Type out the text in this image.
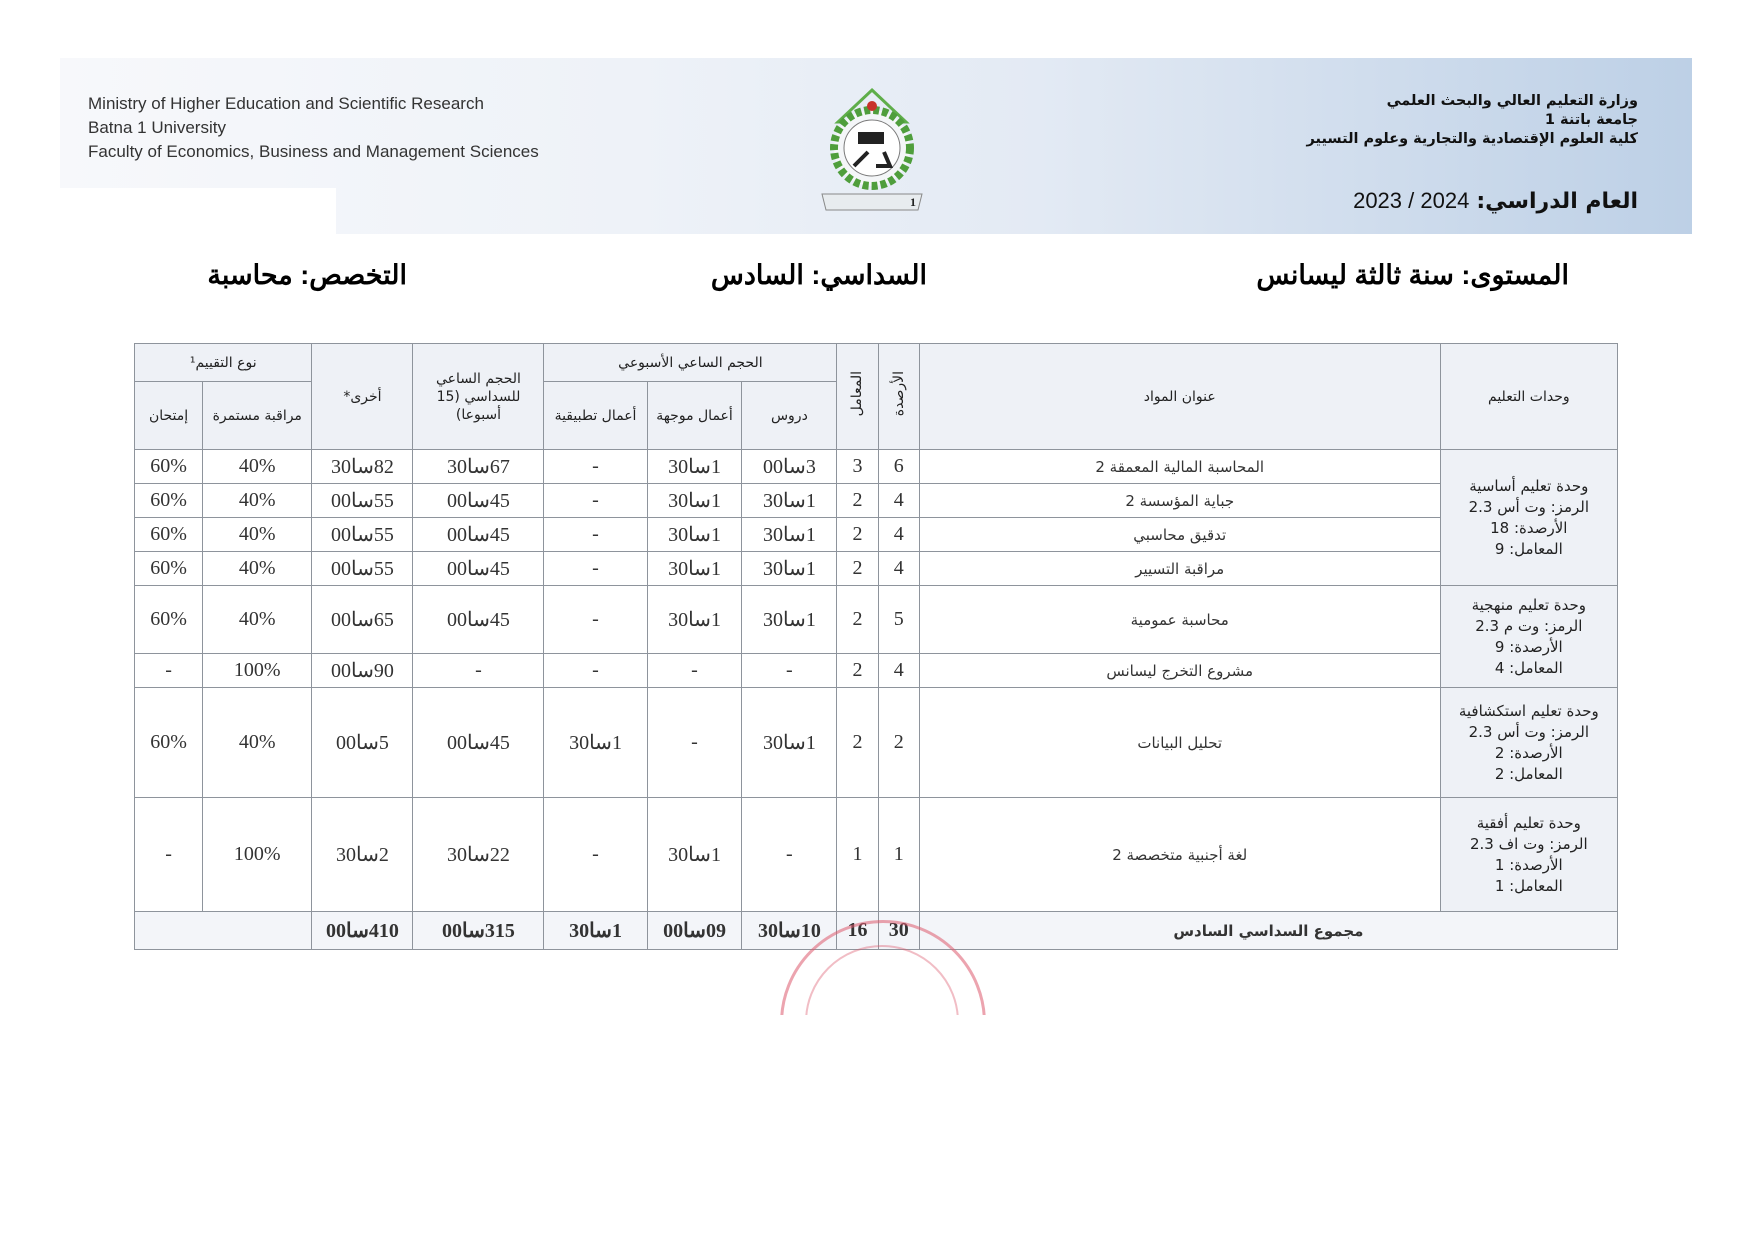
Ministry of Higher Education and Scientific Research
Batna 1 University
Faculty of Economics, Business and Management Sciences
1
وزارة التعليم العالي والبحث العلمي
جامعة باتنة 1
كلية العلوم الإقتصادية والتجارية وعلوم التسيير
العام الدراسي: 2024 / 2023
المستوى: سنة ثالثة ليسانس
السداسي: السادس
التخصص: محاسبة
وحدات التعليم	عنوان المواد	الأرصدة	المعامل	الحجم الساعي الأسبوعي			الحجم الساعي للسداسي (15 أسبوعا)	أخرى*	نوع التقييم¹	
				دروس	أعمال موجهة	أعمال تطبيقية			مراقبة مستمرة	إمتحان

وحدة تعليم أساسية
الرمز: وت أس 2.3
الأرصدة: 18
المعامل: 9	المحاسبة المالية المعمقة 2	6	3	3سا00	1سا30	-	67سا30	82سا30	40%	60%
	جباية المؤسسة 2	4	2	1سا30	1سا30	-	45سا00	55سا00	40%	60%
	تدقيق محاسبي	4	2	1سا30	1سا30	-	45سا00	55سا00	40%	60%
	مراقبة التسيير	4	2	1سا30	1سا30	-	45سا00	55سا00	40%	60%

وحدة تعليم منهجية
الرمز: وت م 2.3
الأرصدة: 9
المعامل: 4	محاسبة عمومية	5	2	1سا30	1سا30	-	45سا00	65سا00	40%	60%
	مشروع التخرج ليسانس	4	2	-	-	-	-	90سا00	100%	-

وحدة تعليم استكشافية
الرمز: وت أس 2.3
الأرصدة: 2
المعامل: 2	تحليل البيانات	2	2	1سا30	-	1سا30	45سا00	5سا00	40%	60%

وحدة تعليم أفقية
الرمز: وت اف 2.3
الأرصدة: 1
المعامل: 1	لغة أجنبية متخصصة 2	1	1	-	1سا30	-	22سا30	2سا30	100%	-
مجموع السداسي السادس		30	16	10سا30	09سا00	1سا30	315سا00	410سا00		
